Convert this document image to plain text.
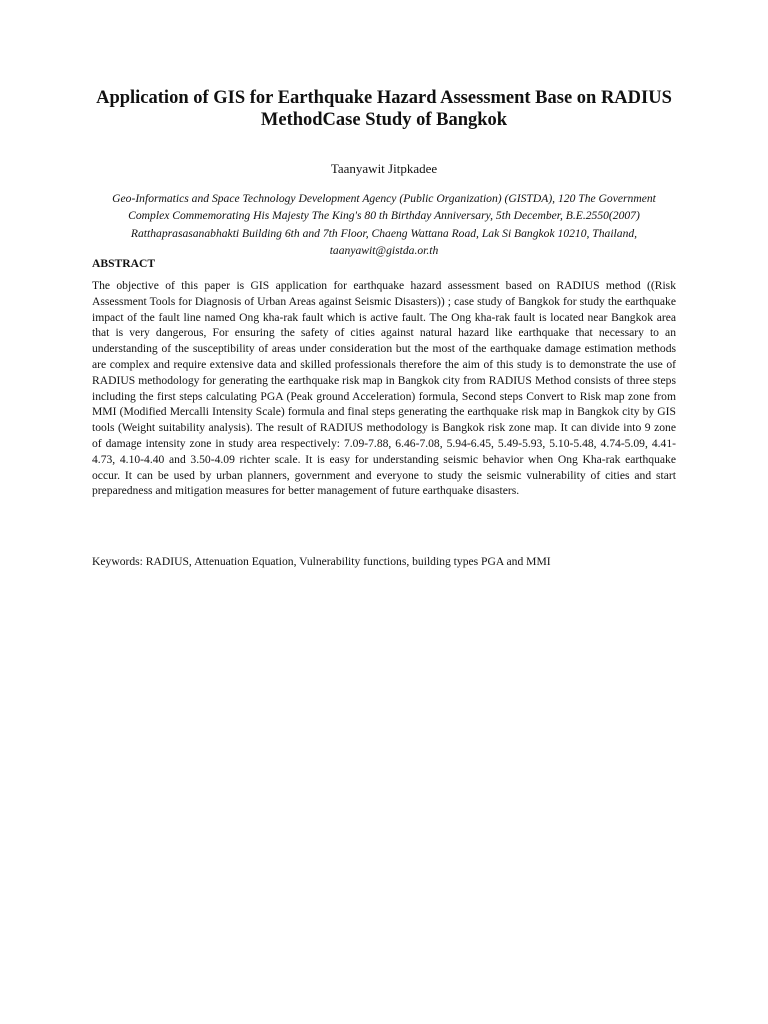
Application of GIS for Earthquake Hazard Assessment Base on RADIUS MethodCase Study of Bangkok

Taanyawit Jitpkadee

Geo-Informatics and Space Technology Development Agency (Public Organization) (GISTDA), 120 The Government Complex Commemorating His Majesty The King's 80 th Birthday Anniversary, 5th December, B.E.2550(2007) Ratthaprasasanabhakti Building 6th and 7th Floor, Chaeng Wattana Road, Lak Si Bangkok 10210, Thailand, taanyawit@gistda.or.th

ABSTRACT

The objective of this paper is GIS application for earthquake hazard assessment based on RADIUS method ((Risk Assessment Tools for Diagnosis of Urban Areas against Seismic Disasters)) ; case study of Bangkok for study the earthquake impact of the fault line named Ong kha-rak fault which is active fault. The Ong kha-rak fault is located near Bangkok area that is very dangerous, For ensuring the safety of cities against natural hazard like earthquake that necessary to an understanding of the susceptibility of areas under consideration but the most of the earthquake damage estimation methods are complex and require extensive data and skilled professionals therefore the aim of this study is to demonstrate the use of RADIUS methodology for generating the earthquake risk map in Bangkok city from RADIUS Method consists of three steps including the first steps calculating PGA (Peak ground Acceleration) formula, Second steps Convert to Risk map zone from MMI (Modified Mercalli Intensity Scale) formula and final steps generating the earthquake risk map in Bangkok city by GIS tools (Weight suitability analysis). The result of RADIUS methodology is Bangkok risk zone map. It can divide into 9 zone of damage intensity zone in study area respectively: 7.09-7.88, 6.46-7.08, 5.94-6.45, 5.49-5.93, 5.10-5.48, 4.74-5.09, 4.41-4.73, 4.10-4.40 and 3.50-4.09 richter scale. It is easy for understanding seismic behavior when Ong Kha-rak earthquake occur. It can be used by urban planners, government and everyone to study the seismic vulnerability of cities and start preparedness and mitigation measures for better management of future earthquake disasters.

Keywords: RADIUS, Attenuation Equation, Vulnerability functions, building types PGA and MMI
